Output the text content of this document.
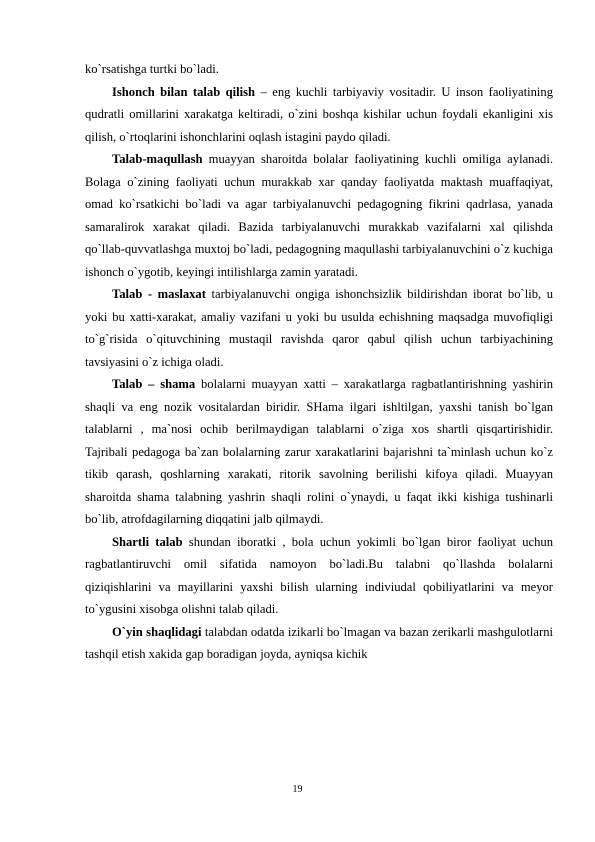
ko`rsatishga turtki bo`ladi.

Ishonch bilan talab qilish – eng kuchli tarbiyaviy vositadir. U inson faoliyatining qudratli omillarini xarakatga keltiradi, o`zini boshqa kishilar uchun foydali ekanligini xis qilish, o`rtoqlarini ishonchlarini oqlash istagini paydo qiladi.

Talab-maqullash muayyan sharoitda bolalar faoliyatining kuchli omiliga aylanadi. Bolaga o`zining faoliyati uchun murakkab xar qanday faoliyatda maktash muaffaqiyat, omad ko`rsatkichi bo`ladi va agar tarbiyalanuvchi pedagogning fikrini qadrlasa, yanada samaralirok xarakat qiladi. Bazida tarbiyalanuvchi murakkab vazifalarni xal qilishda qo`llab-quvvatlashga muxtoj bo`ladi, pedagogning maqullashi tarbiyalanuvchini o`z kuchiga ishonch o`ygotib, keyingi intilishlarga zamin yaratadi.

Talab - maslaxat tarbiyalanuvchi ongiga ishonchsizlik bildirishdan iborat bo`lib, u yoki bu xatti-xarakat, amaliy vazifani u yoki bu usulda echishning maqsadga muvofiqligi to`g`risida o`qituvchining mustaqil ravishda qaror qabul qilish uchun tarbiyachining tavsiyasini o`z ichiga oladi.

Talab – shama bolalarni muayyan xatti – xarakatlarga ragbatlantirishning yashirin shaqli va eng nozik vositalardan biridir. SHama ilgari ishltilgan, yaxshi tanish bo`lgan talablarni , ma`nosi ochib berilmaydigan talablarni o`ziga xos shartli qisqartirishidir. Tajribali pedagoga ba`zan bolalarning zarur xarakatlarini bajarishni ta`minlash uchun ko`z tikib qarash, qoshlarning xarakati, ritorik savolning berilishi kifoya qiladi. Muayyan sharoitda shama talabning yashrin shaqli rolini o`ynaydi, u faqat ikki kishiga tushinarli bo`lib, atrofdagilarning diqqatini jalb qilmaydi.

Shartli talab shundan iboratki , bola uchun yokimli bo`lgan biror faoliyat uchun ragbatlantiruvchi omil sifatida namoyon bo`ladi.Bu talabni qo`llashda bolalarni qiziqishlarini va mayillarini yaxshi bilish ularning indiviudal qobiliyatlarini va meyor to`ygusini xisobga olishni talab qiladi.

O`yin shaqlidagi talabdan odatda izikarli bo`lmagan va bazan zerikarli mashgulotlarni tashqil etish xakida gap boradigan joyda, ayniqsa kichik

19
